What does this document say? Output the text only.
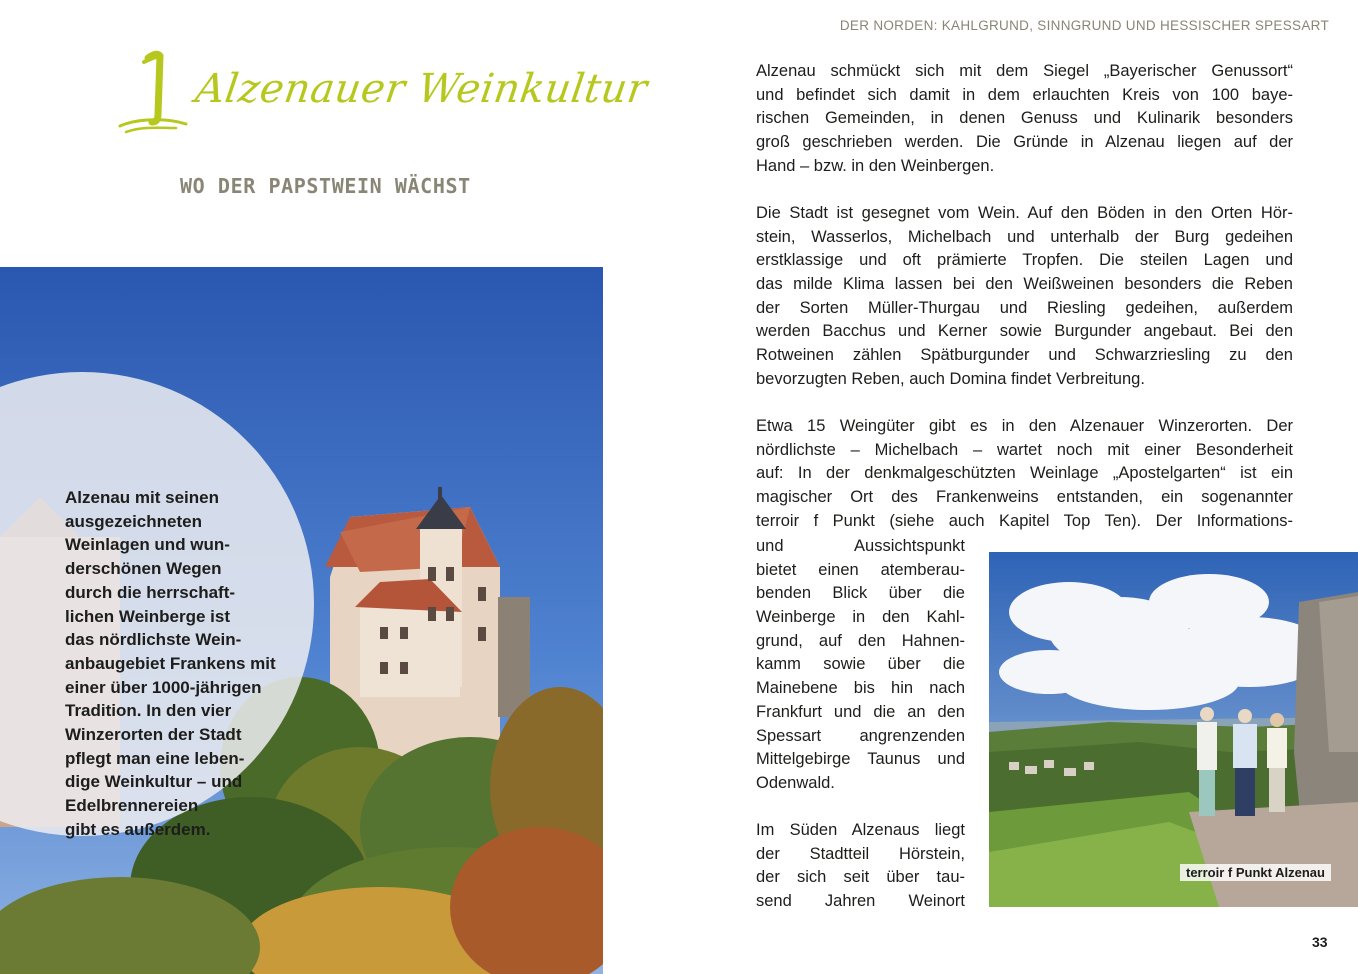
Alzenauer Weinkultur
WO DER PAPSTWEIN WÄCHST
Alzenau mit seinen
ausgezeichneten
Weinlagen und wun-
derschönen Wegen
durch die herrschaft-
lichen Weinberge ist
das nördlichste Wein-
anbaugebiet Frankens mit
einer über 1000-jährigen
Tradition. In den vier
Winzerorten der Stadt
pflegt man eine leben-
dige Weinkultur – und
Edelbrennereien
gibt es außerdem.
DER NORDEN: KAHLGRUND, SINNGRUND UND HESSISCHER SPESSART
Alzenau schmückt sich mit dem Siegel „Bayerischer Genussort“
und befindet sich damit in dem erlauchten Kreis von 100 baye-
rischen Gemeinden, in denen Genuss und Kulinarik besonders
groß geschrieben werden. Die Gründe in Alzenau liegen auf der
Hand – bzw. in den Weinbergen.
Die Stadt ist gesegnet vom Wein. Auf den Böden in den Orten Hör-
stein, Wasserlos, Michelbach und unterhalb der Burg gedeihen
erstklassige und oft prämierte Tropfen. Die steilen Lagen und
das milde Klima lassen bei den Weißweinen besonders die Reben
der Sorten Müller-Thurgau und Riesling gedeihen, außerdem
werden Bacchus und Kerner sowie Burgunder angebaut. Bei den
Rotweinen zählen Spätburgunder und Schwarzriesling zu den
bevorzugten Reben, auch Domina findet Verbreitung.
Etwa 15 Weingüter gibt es in den Alzenauer Winzerorten. Der
nördlichste – Michelbach – wartet noch mit einer Besonderheit
auf: In der denkmalgeschützten Weinlage „Apostelgarten“ ist ein
magischer Ort des Frankenweins entstanden, ein sogenannter
terroir f Punkt (siehe auch Kapitel Top Ten). Der Informations-
und Aussichtspunkt
bietet einen atemberau-
benden Blick über die
Weinberge in den Kahl-
grund, auf den Hahnen-
kamm sowie über die
Mainebene bis hin nach
Frankfurt und die an den
Spessart angrenzenden
Mittelgebirge Taunus und
Odenwald.
Im Süden Alzenaus liegt
der Stadtteil Hörstein,
der sich seit über tau-
send Jahren Weinort
terroir f Punkt Alzenau
33
